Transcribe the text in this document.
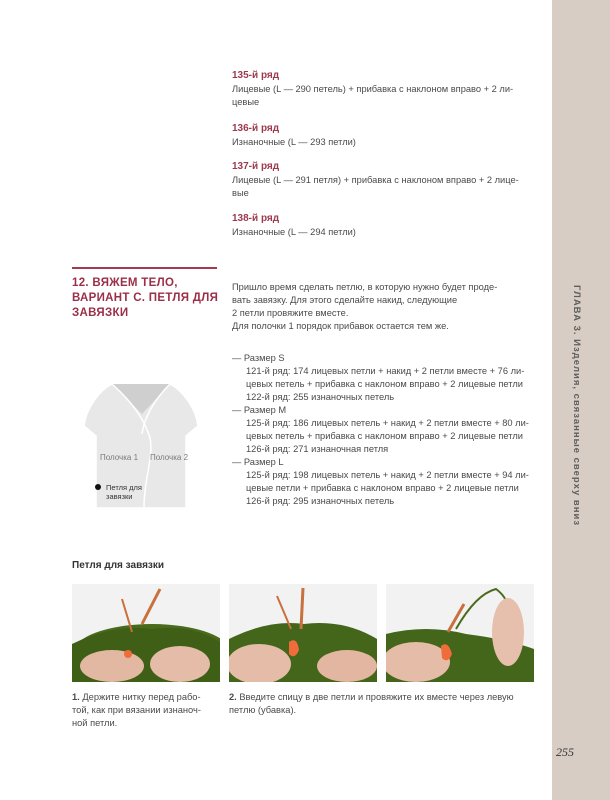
ГЛАВА 3. Изделия, связанные сверху вниз
135-й ряд
Лицевые (L — 290 петель) + прибавка с наклоном вправо + 2 ли-
цевые
136-й ряд
Изнаночные (L — 293 петли)
137-й ряд
Лицевые (L — 291 петля) + прибавка с наклоном вправо + 2 лице-
вые
138-й ряд
Изнаночные (L — 294 петли)
12. ВЯЖЕМ ТЕЛО, ВАРИАНТ С. ПЕТЛЯ ДЛЯ ЗАВЯЗКИ
Пришло время сделать петлю, в которую нужно будет проде-
вать завязку. Для этого сделайте накид, следующие
2 петли провяжите вместе.
Для полочки 1 порядок прибавок остается тем же.
— Размер S
121-й ряд: 174 лицевых петли + накид + 2 петли вместе + 76 ли-
цевых петель + прибавка с наклоном вправо + 2 лицевые петли
122-й ряд: 255 изнаночных петель
— Размер M
125-й ряд: 186 лицевых петель + накид + 2 петли вместе + 80 ли-
цевых петель + прибавка с наклоном вправо + 2 лицевые петли
126-й ряд: 271 изнаночная петля
— Размер L
125-й ряд: 198 лицевых петель + накид + 2 петли вместе + 94 ли-
цевые петли + прибавка с наклоном вправо + 2 лицевые петли
126-й ряд: 295 изнаночных петель
Полочка 1 Полочка 2
Петля для
завязки
Петля для завязки
1. Держите нитку перед рабо-
той, как при вязании изнаноч-
ной петли.
2. Введите спицу в две петли и провяжите их вместе через левую
петлю (убавка).
255
